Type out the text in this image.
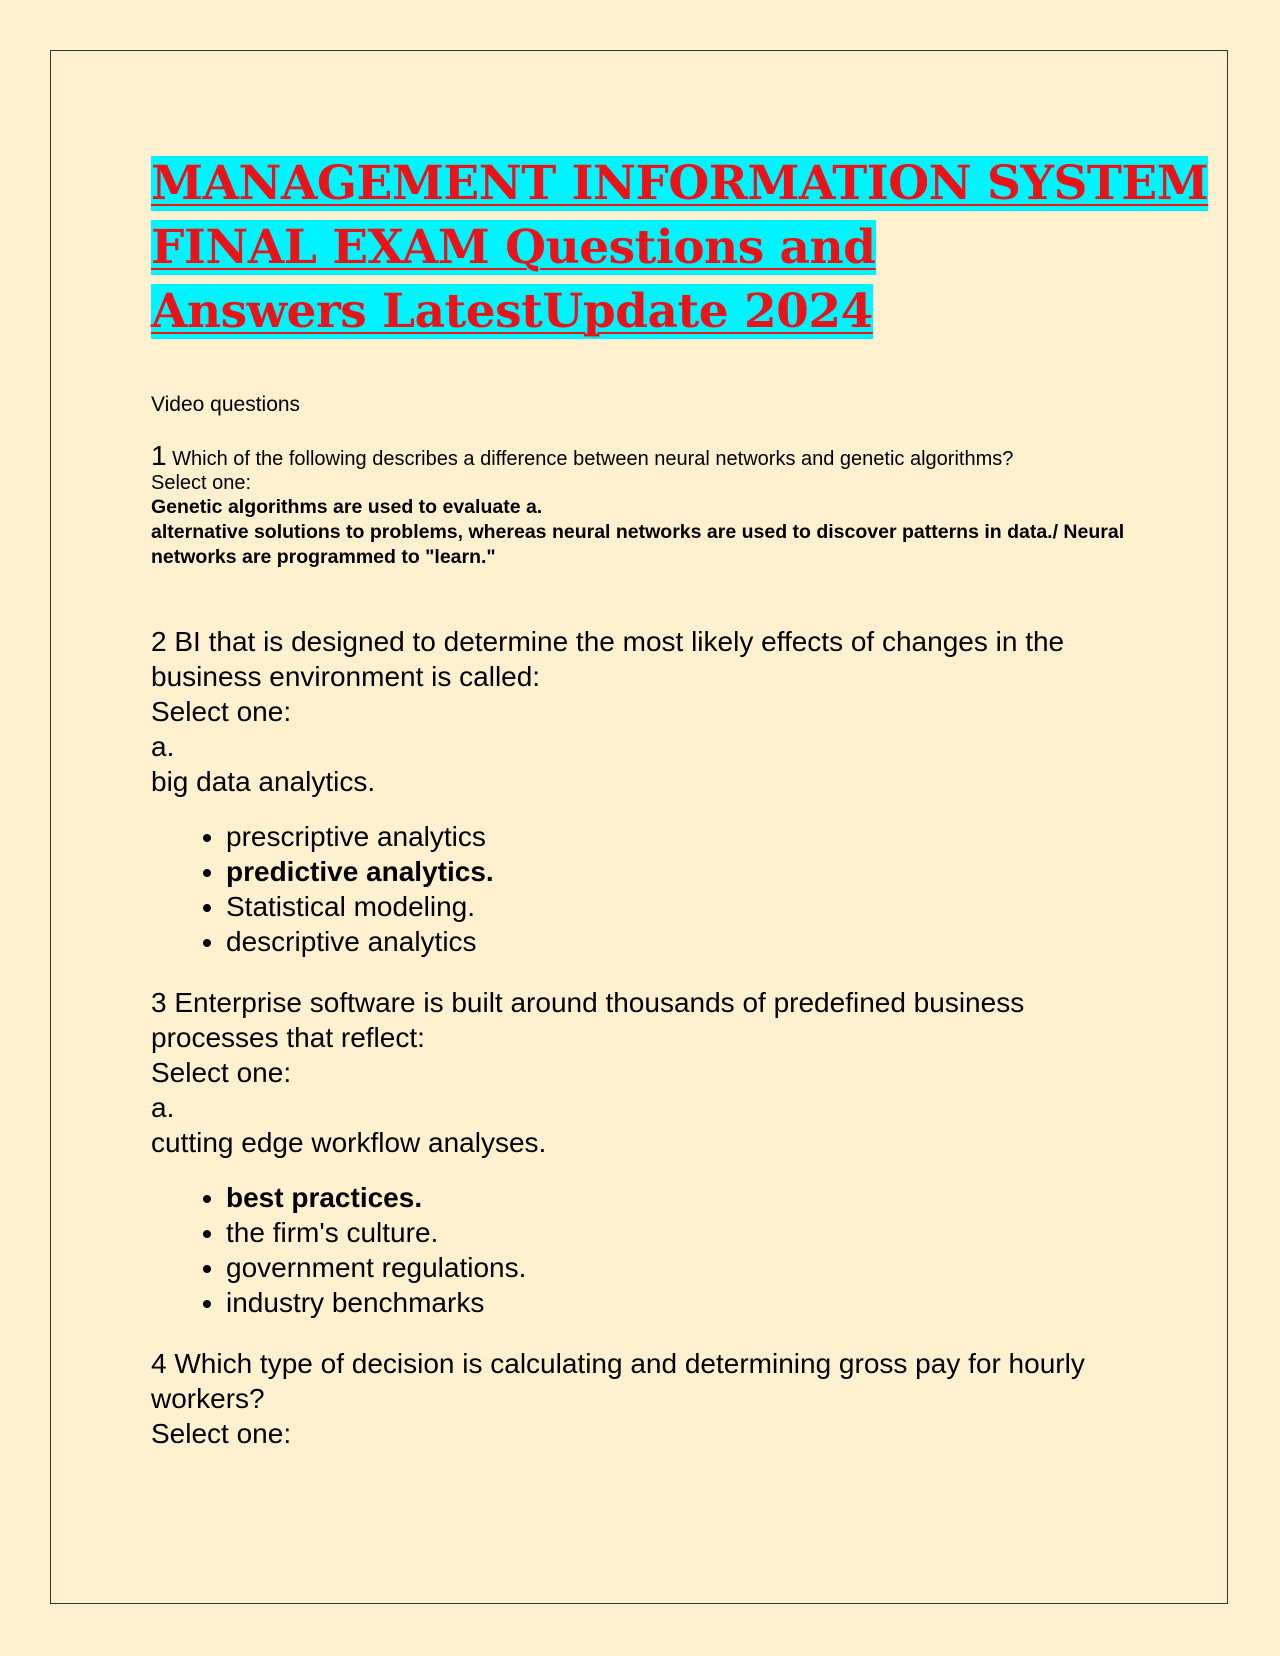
MANAGEMENT INFORMATION SYSTEM
FINAL EXAM Questions and
Answers LatestUpdate 2024
Video questions
1 Which of the following describes a difference between neural networks and genetic algorithms?
Select one:
Genetic algorithms are used to evaluate a.
alternative solutions to problems, whereas neural networks are used to discover patterns in data./ Neural networks are programmed to "learn."
2 BI that is designed to determine the most likely effects of changes in the business environment is called:
Select one:
a.
big data analytics.
• prescriptive analytics
• predictive analytics.
• Statistical modeling.
• descriptive analytics
3 Enterprise software is built around thousands of predefined business processes that reflect:
Select one:
a.
cutting edge workflow analyses.
• best practices.
• the firm's culture.
• government regulations.
• industry benchmarks
4 Which type of decision is calculating and determining gross pay for hourly workers?
Select one:
